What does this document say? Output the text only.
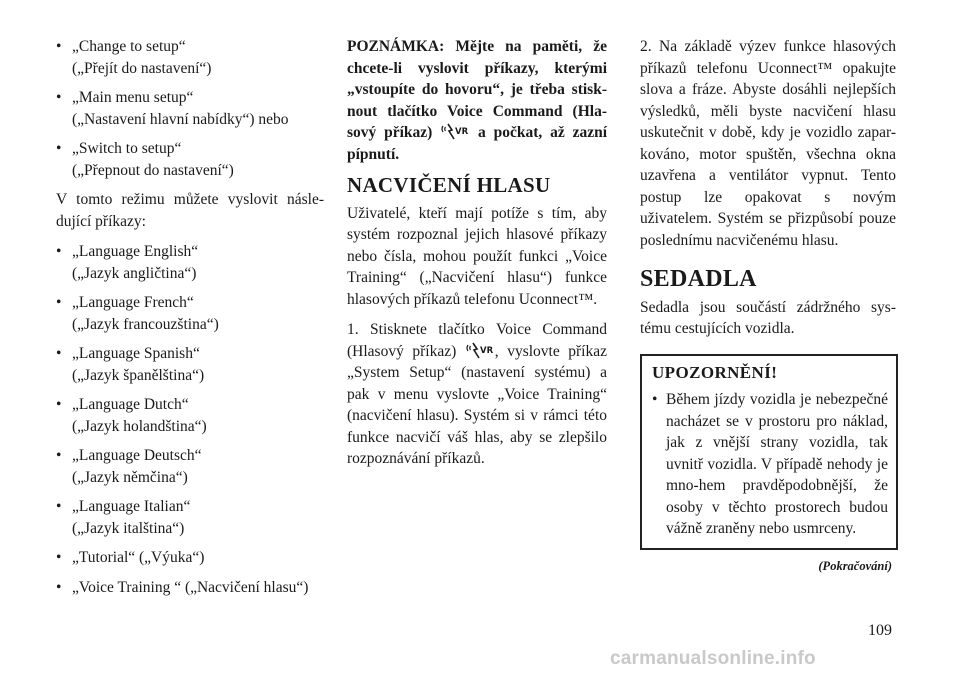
• „Change to setup“
(„Přejít do nastavení“)
• „Main menu setup“
(„Nastavení hlavní nabídky“) nebo
• „Switch to setup“
(„Přepnout do nastavení“)

V tomto režimu můžete vyslovit násle-dující příkazy:

• „Language English“
(„Jazyk angličtina“)
• „Language French“
(„Jazyk francouzština“)
• „Language Spanish“
(„Jazyk španělština“)
• „Language Dutch“
(„Jazyk holandština“)
• „Language Deutsch“
(„Jazyk němčina“)
• „Language Italian“
(„Jazyk italština“)
• „Tutorial“ („Výuka“)
• „Voice Training “ („Nacvičení hlasu“)

POZNÁMKA: Mějte na paměti, že chcete-li vyslovit příkazy, kterými „vstoupíte do hovoru“, je třeba stisk-nout tlačítko Voice Command (Hla-sový příkaz)	VR a počkat, až zazní pípnutí.

NACVIČENÍ HLASU

Uživatelé, kteří mají potíže s tím, aby systém rozpoznal jejich hlasové příkazy nebo čísla, mohou použít funkci „Voice Training“ („Nacvičení hlasu“) funkce hlasových příkazů telefonu Uconnect™.

1. Stisknete tlačítko Voice Command (Hlasový příkaz)	VR , vyslovte příkaz „System Setup“ (nastavení systému) a pak v menu vyslovte „Voice Training“ (nacvičení hlasu). Systém si v rámci této funkce nacvičí váš hlas, aby se zlepšilo rozpoznávání příkazů.

2. Na základě výzev funkce hlasových příkazů telefonu Uconnect™ opakujte slova a fráze. Abyste dosáhli nejlepších výsledků, měli byste nacvičení hlasu uskutečnit v době, kdy je vozidlo zapar-kováno, motor spuštěn, všechna okna uzavřena a ventilátor vypnut. Tento postup lze opakovat s novým uživatelem. Systém se přizpůsobí pouze poslednímu nacvičenému hlasu.

SEDADLA

Sedadla jsou součástí zádržného sys-tému cestujících vozidla.

UPOZORNĚNÍ!
• Během jízdy vozidla je nebezpečné nacházet se v prostoru pro náklad, jak z vnější strany vozidla, tak uvnitř vozidla. V případě nehody je mno-hem pravděpodobnější, že osoby v těchto prostorech budou vážně zraněny nebo usmrceny.
(Pokračování)
109
carmanualsonline.info
